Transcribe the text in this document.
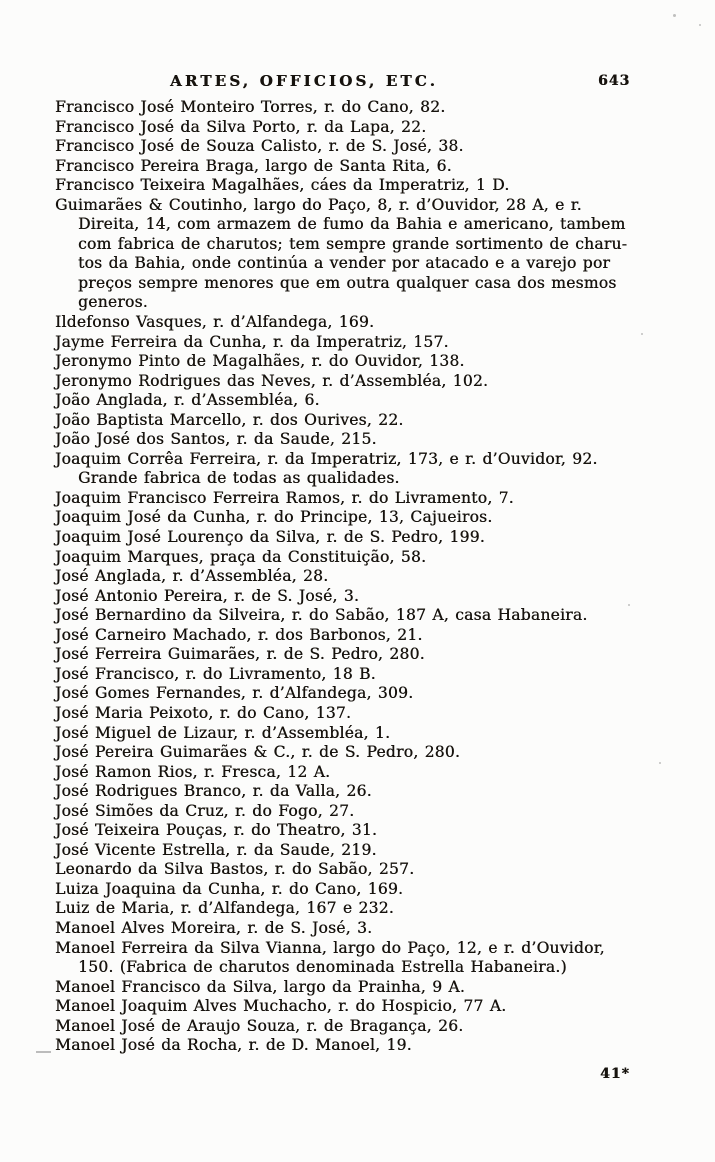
ARTES, OFFICIOS, ETC.	643
Francisco José Monteiro Torres, r. do Cano, 82.
Francisco José da Silva Porto, r. da Lapa, 22.
Francisco José de Souza Calisto, r. de S. José, 38.
Francisco Pereira Braga, largo de Santa Rita, 6.
Francisco Teixeira Magalhães, cáes da Imperatriz, 1 D.
Guimarães & Coutinho, largo do Paço, 8, r. d’Ouvidor, 28 A, e r.
Direita, 14, com armazem de fumo da Bahia e americano, tambem
com fabrica de charutos; tem sempre grande sortimento de charu-
tos da Bahia, onde continúa a vender por atacado e a varejo por
preços sempre menores que em outra qualquer casa dos mesmos
generos.
Ildefonso Vasques, r. d’Alfandega, 169.
Jayme Ferreira da Cunha, r. da Imperatriz, 157.
Jeronymo Pinto de Magalhães, r. do Ouvidor, 138.
Jeronymo Rodrigues das Neves, r. d’Assembléa, 102.
João Anglada, r. d’Assembléa, 6.
João Baptista Marcello, r. dos Ourives, 22.
João José dos Santos, r. da Saude, 215.
Joaquim Corrêa Ferreira, r. da Imperatriz, 173, e r. d’Ouvidor, 92.
Grande fabrica de todas as qualidades.
Joaquim Francisco Ferreira Ramos, r. do Livramento, 7.
Joaquim José da Cunha, r. do Principe, 13, Cajueiros.
Joaquim José Lourenço da Silva, r. de S. Pedro, 199.
Joaquim Marques, praça da Constituição, 58.
José Anglada, r. d’Assembléa, 28.
José Antonio Pereira, r. de S. José, 3.
José Bernardino da Silveira, r. do Sabão, 187 A, casa Habaneira.
José Carneiro Machado, r. dos Barbonos, 21.
José Ferreira Guimarães, r. de S. Pedro, 280.
José Francisco, r. do Livramento, 18 B.
José Gomes Fernandes, r. d’Alfandega, 309.
José Maria Peixoto, r. do Cano, 137.
José Miguel de Lizaur, r. d’Assembléa, 1.
José Pereira Guimarães & C., r. de S. Pedro, 280.
José Ramon Rios, r. Fresca, 12 A.
José Rodrigues Branco, r. da Valla, 26.
José Simões da Cruz, r. do Fogo, 27.
José Teixeira Pouças, r. do Theatro, 31.
José Vicente Estrella, r. da Saude, 219.
Leonardo da Silva Bastos, r. do Sabão, 257.
Luiza Joaquina da Cunha, r. do Cano, 169.
Luiz de Maria, r. d’Alfandega, 167 e 232.
Manoel Alves Moreira, r. de S. José, 3.
Manoel Ferreira da Silva Vianna, largo do Paço, 12, e r. d’Ouvidor,
150. (Fabrica de charutos denominada Estrella Habaneira.)
Manoel Francisco da Silva, largo da Prainha, 9 A.
Manoel Joaquim Alves Muchacho, r. do Hospicio, 77 A.
Manoel José de Araujo Souza, r. de Bragança, 26.
Manoel José da Rocha, r. de D. Manoel, 19.
41*
